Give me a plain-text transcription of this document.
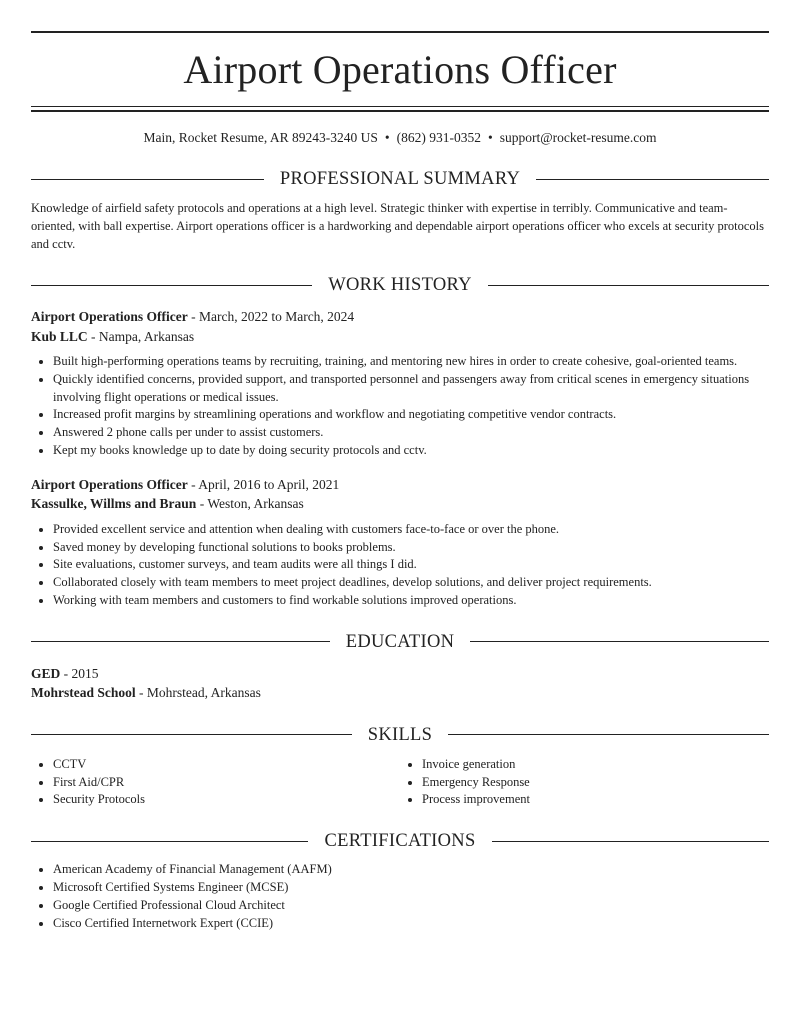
Airport Operations Officer
Main, Rocket Resume, AR 89243-3240 US • (862) 931-0352 • support@rocket-resume.com
PROFESSIONAL SUMMARY

Knowledge of airfield safety protocols and operations at a high level. Strategic thinker with expertise in terribly. Communicative and team-oriented, with ball expertise. Airport operations officer is a hardworking and dependable airport operations officer who excels at security protocols and cctv.

WORK HISTORY
Airport Operations Officer - March, 2022 to March, 2024
Kub LLC - Nampa, Arkansas
• Built high-performing operations teams by recruiting, training, and mentoring new hires in order to create cohesive, goal-oriented teams.
• Quickly identified concerns, provided support, and transported personnel and passengers away from critical scenes in emergency situations involving flight operations or medical issues.
• Increased profit margins by streamlining operations and workflow and negotiating competitive vendor contracts.
• Answered 2 phone calls per under to assist customers.
• Kept my books knowledge up to date by doing security protocols and cctv.
Airport Operations Officer - April, 2016 to April, 2021
Kassulke, Willms and Braun - Weston, Arkansas
• Provided excellent service and attention when dealing with customers face-to-face or over the phone.
• Saved money by developing functional solutions to books problems.
• Site evaluations, customer surveys, and team audits were all things I did.
• Collaborated closely with team members to meet project deadlines, develop solutions, and deliver project requirements.
• Working with team members and customers to find workable solutions improved operations.
EDUCATION
GED - 2015
Mohrstead School - Mohrstead, Arkansas
SKILLS
• CCTV
• First Aid/CPR
• Security Protocols
• Invoice generation
• Emergency Response
• Process improvement
CERTIFICATIONS
• American Academy of Financial Management (AAFM)
• Microsoft Certified Systems Engineer (MCSE)
• Google Certified Professional Cloud Architect
• Cisco Certified Internetwork Expert (CCIE)
